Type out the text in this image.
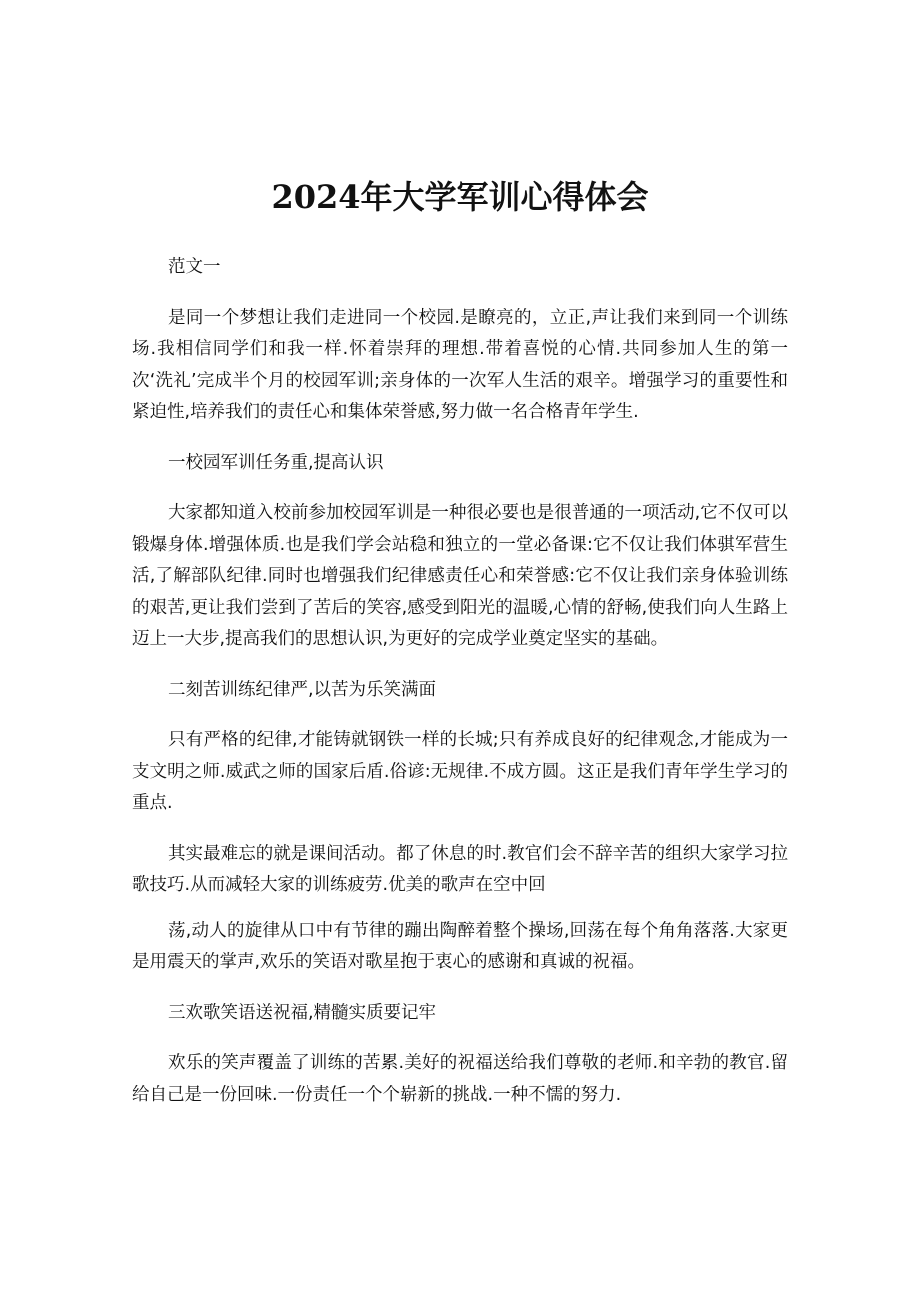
2024年大学军训心得体会

范文一

是同一个梦想让我们走进同一个校园.是瞭亮的，立正,声让我们来到同一个训练场.我相信同学们和我一样.怀着崇拜的理想.带着喜悦的心情.共同参加人生的第一次‘洗礼’完成半个月的校园军训;亲身体的一次军人生活的艰辛。增强学习的重要性和紧迫性,培养我们的责任心和集体荣誉感,努力做一名合格青年学生.

一校园军训任务重,提高认识

大家都知道入校前参加校园军训是一种很必要也是很普通的一项活动,它不仅可以锻爆身体.增强体质.也是我们学会站稳和独立的一堂必备课:它不仅让我们体骐军营生活,了解部队纪律.同时也增强我们纪律感责任心和荣誉感:它不仅让我们亲身体验训练的艰苦,更让我们尝到了苦后的笑容,感受到阳光的温暖,心情的舒畅,使我们向人生路上迈上一大步,提高我们的思想认识,为更好的完成学业奠定坚实的基础。

二刻苦训练纪律严,以苦为乐笑满面

只有严格的纪律,才能铸就钢铁一样的长城;只有养成良好的纪律观念,才能成为一支文明之师.威武之师的国家后盾.俗谚:无规律.不成方圆。这正是我们青年学生学习的重点.

其实最难忘的就是课间活动。都了休息的时.教官们会不辞辛苦的组织大家学习拉歌技巧.从而减轻大家的训练疲劳.优美的歌声在空中回

荡,动人的旋律从口中有节律的蹦出陶醉着整个操场,回荡在每个角角落落.大家更是用震天的掌声,欢乐的笑语对歌星抱于衷心的感谢和真诚的祝福。

三欢歌笑语送祝福,精髓实质要记牢

欢乐的笑声覆盖了训练的苦累.美好的祝福送给我们尊敬的老师.和辛勃的教官.留给自己是一份回味.一份责任一个个崭新的挑战.一种不懦的努力.
